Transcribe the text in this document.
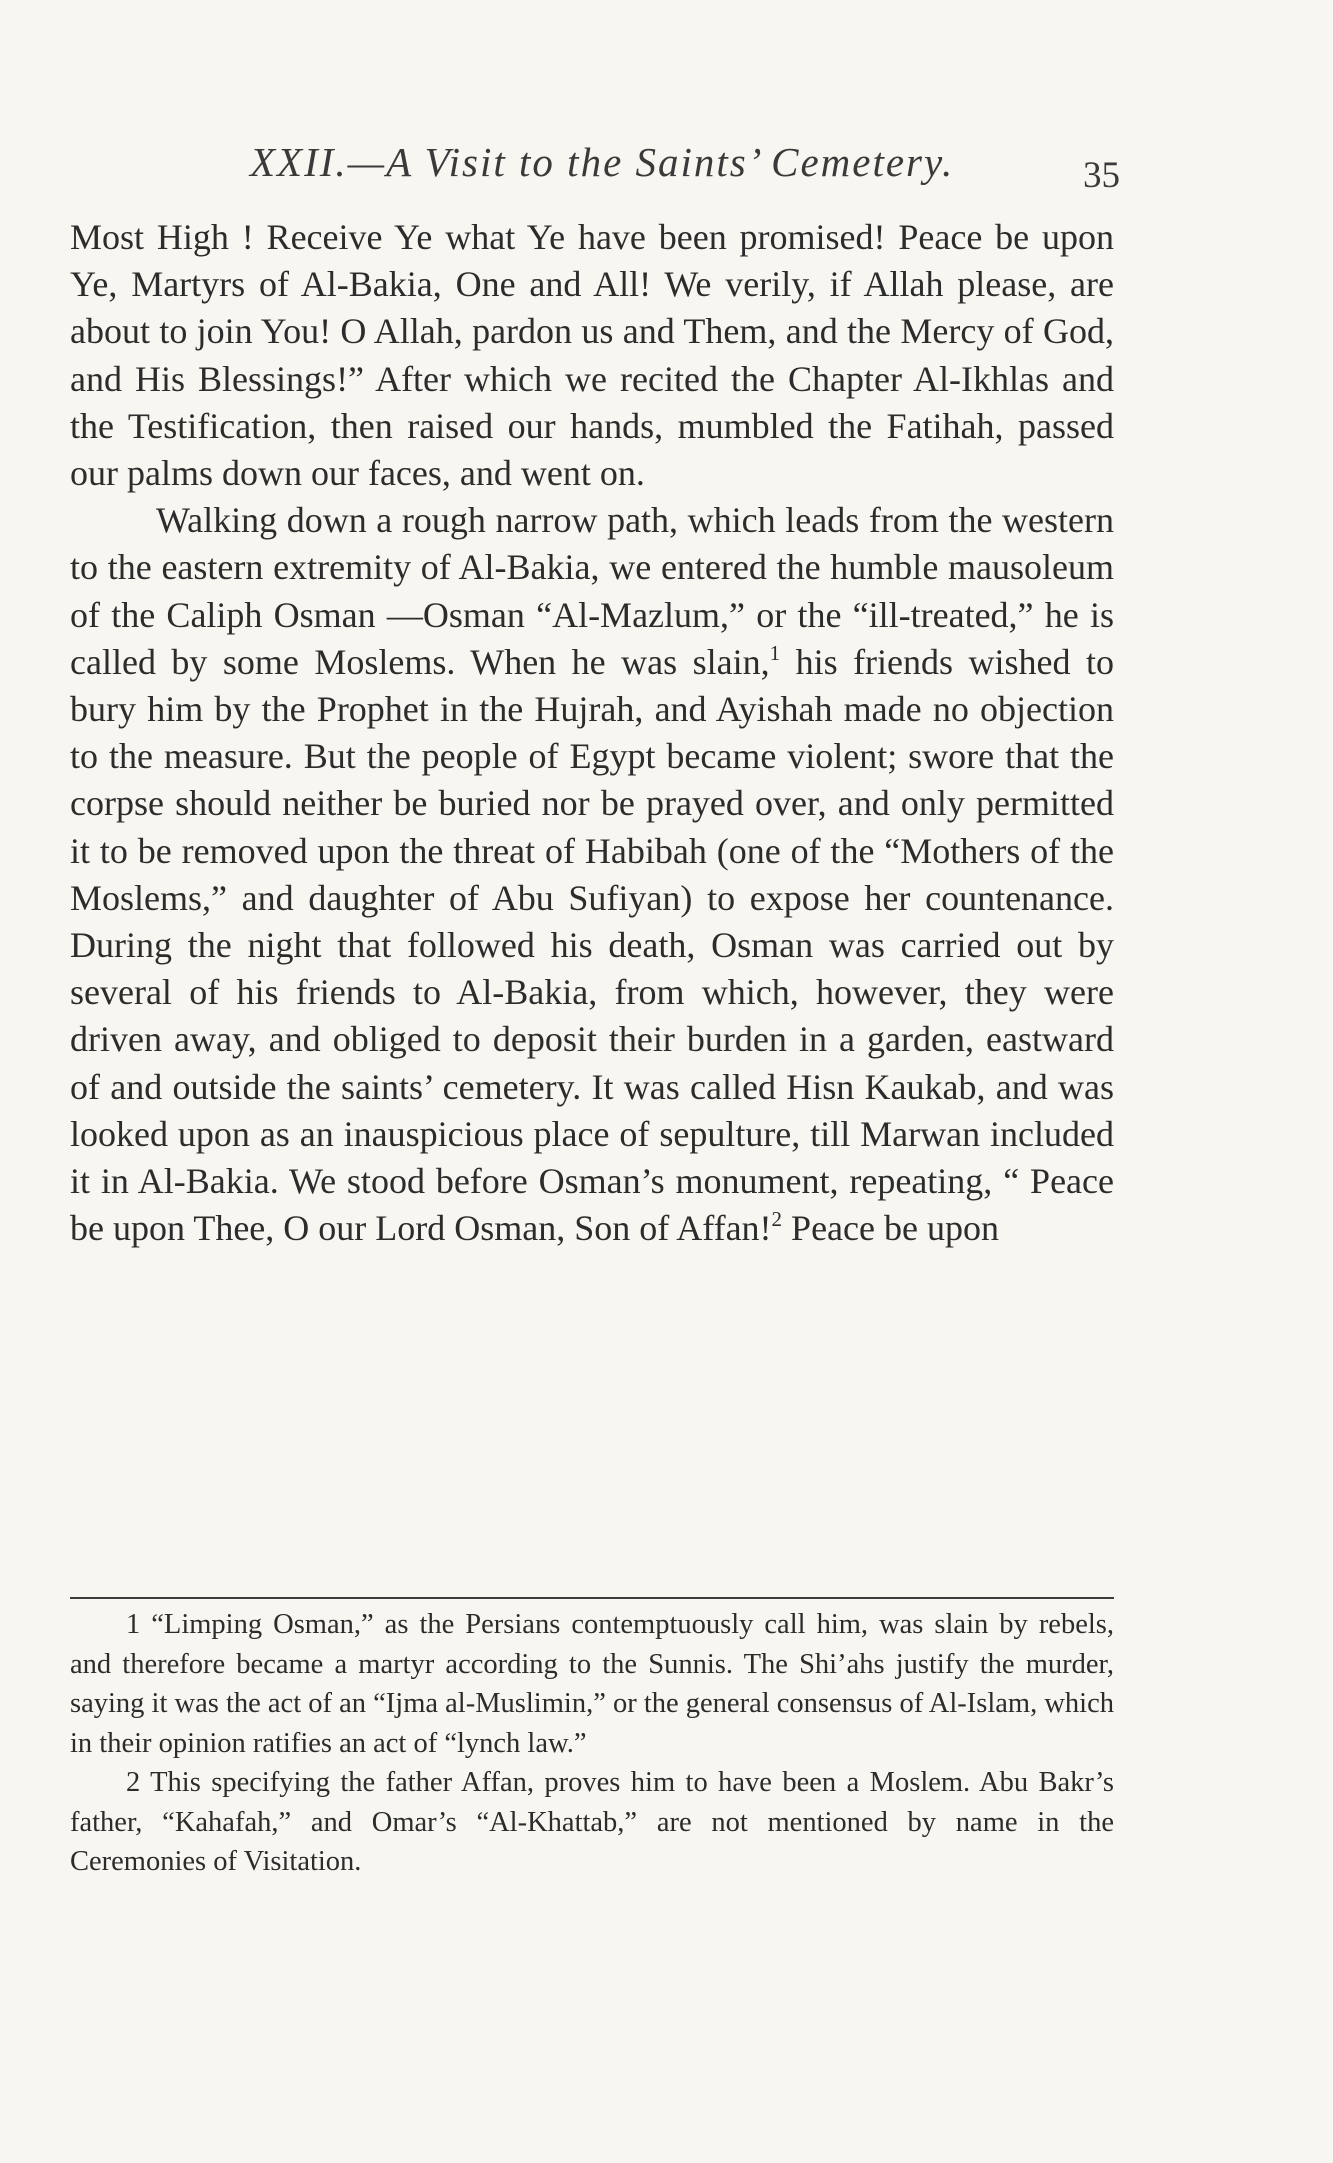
XXII.—A Visit to the Saints’ Cemetery.	35

Most High ! Receive Ye what Ye have been promised! Peace be upon Ye, Martyrs of Al-Bakia, One and All! We verily, if Allah please, are about to join You! O Allah, pardon us and Them, and the Mercy of God, and His Blessings!” After which we recited the Chapter Al-Ikhlas and the Testification, then raised our hands, mumbled the Fatihah, passed our palms down our faces, and went on.

Walking down a rough narrow path, which leads from the western to the eastern extremity of Al-Bakia, we entered the humble mausoleum of the Caliph Osman —Osman “Al-Mazlum,” or the “ill-treated,” he is called by some Moslems. When he was slain,$^1$ his friends wished to bury him by the Prophet in the Hujrah, and Ayishah made no objection to the measure. But the people of Egypt became violent; swore that the corpse should neither be buried nor be prayed over, and only permitted it to be removed upon the threat of Habibah (one of the “Mothers of the Moslems,” and daughter of Abu Sufiyan) to expose her countenance. During the night that followed his death, Osman was carried out by several of his friends to Al-Bakia, from which, however, they were driven away, and obliged to deposit their burden in a garden, eastward of and outside the saints’ cemetery. It was called Hisn Kaukab, and was looked upon as an inauspicious place of sepulture, till Marwan included it in Al-Bakia. We stood before Osman’s monument, repeating, “ Peace be upon Thee, O our Lord Osman, Son of Affan!$^2$ Peace be upon

1 “Limping Osman,” as the Persians contemptuously call him, was slain by rebels, and therefore became a martyr according to the Sunnis. The Shi’ahs justify the murder, saying it was the act of an “Ijma al-Muslimin,” or the general consensus of Al-Islam, which in their opinion ratifies an act of “lynch law.”

2 This specifying the father Affan, proves him to have been a Moslem. Abu Bakr’s father, “Kahafah,” and Omar’s “Al-Khattab,” are not mentioned by name in the Ceremonies of Visitation.
